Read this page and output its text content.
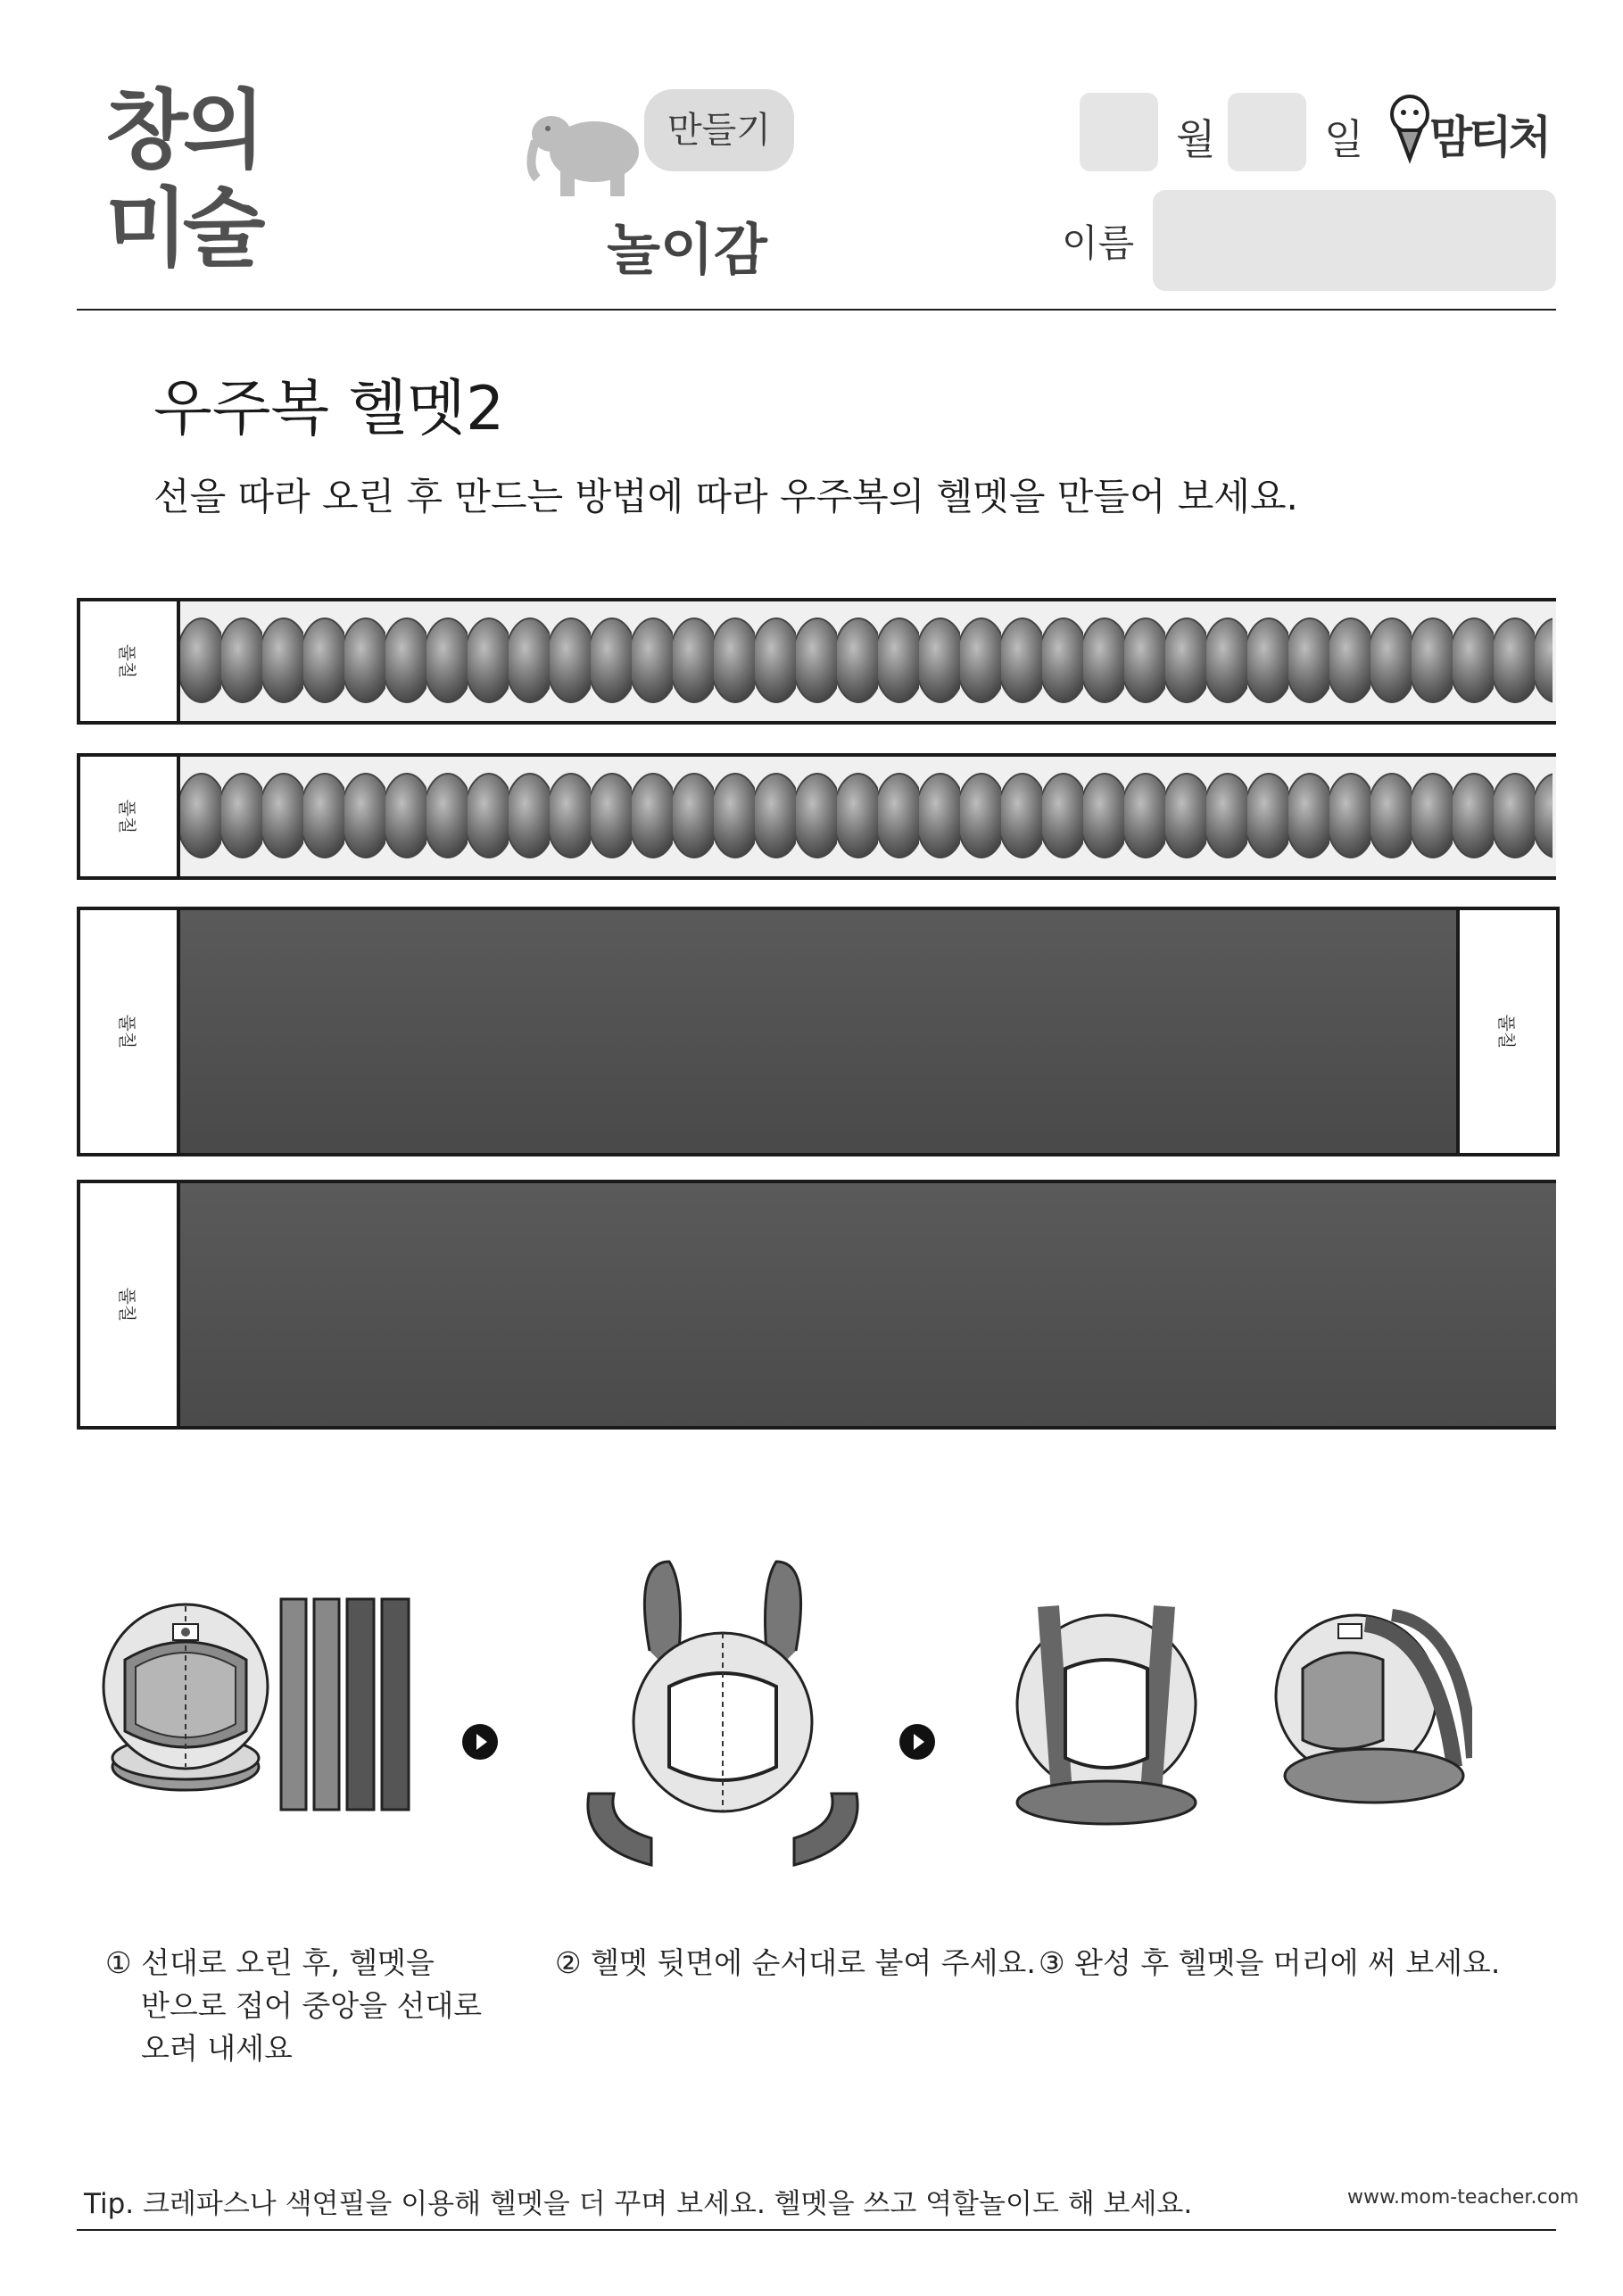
창의
미술
만들기
놀이감
월	일 맘티처
이름
우주복 헬멧2
선을 따라 오린 후 만드는 방법에 따라 우주복의 헬멧을 만들어 보세요.
풀칠
풀칠
풀칠	풀칠
풀칠
① 선대로 오린 후, 헬멧을
반으로 접어 중앙을 선대로
오려 내세요
② 헬멧 뒷면에 순서대로 붙여 주세요. ③ 완성 후 헬멧을 머리에 써 보세요.
Tip. 크레파스나 색연필을 이용해 헬멧을 더 꾸며 보세요. 헬멧을 쓰고 역할놀이도 해 보세요.	www.mom-teacher.com
